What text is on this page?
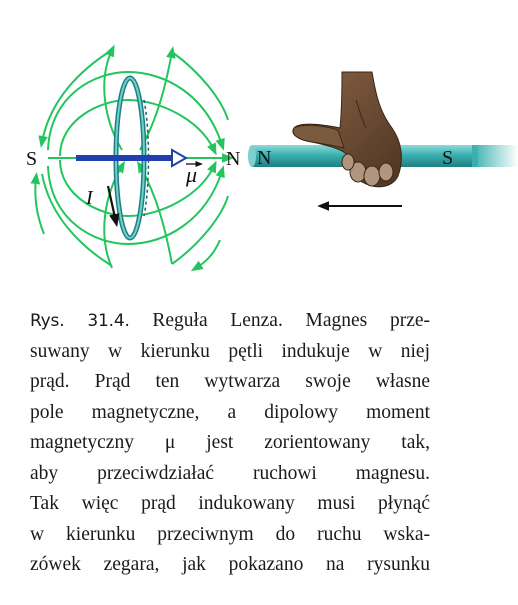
S	N
I
μ
N	S
Rys. 31.4. Reguła Lenza. Magnes prze-
suwany w kierunku pętli indukuje w niej
prąd. Prąd ten wytwarza swoje własne
pole magnetyczne, a dipolowy moment
magnetyczny μ jest zorientowany tak,
aby przeciwdziałać ruchowi magnesu.
Tak więc prąd indukowany musi płynąć
w kierunku przeciwnym do ruchu wska-
zówek zegara, jak pokazano na rysunku
